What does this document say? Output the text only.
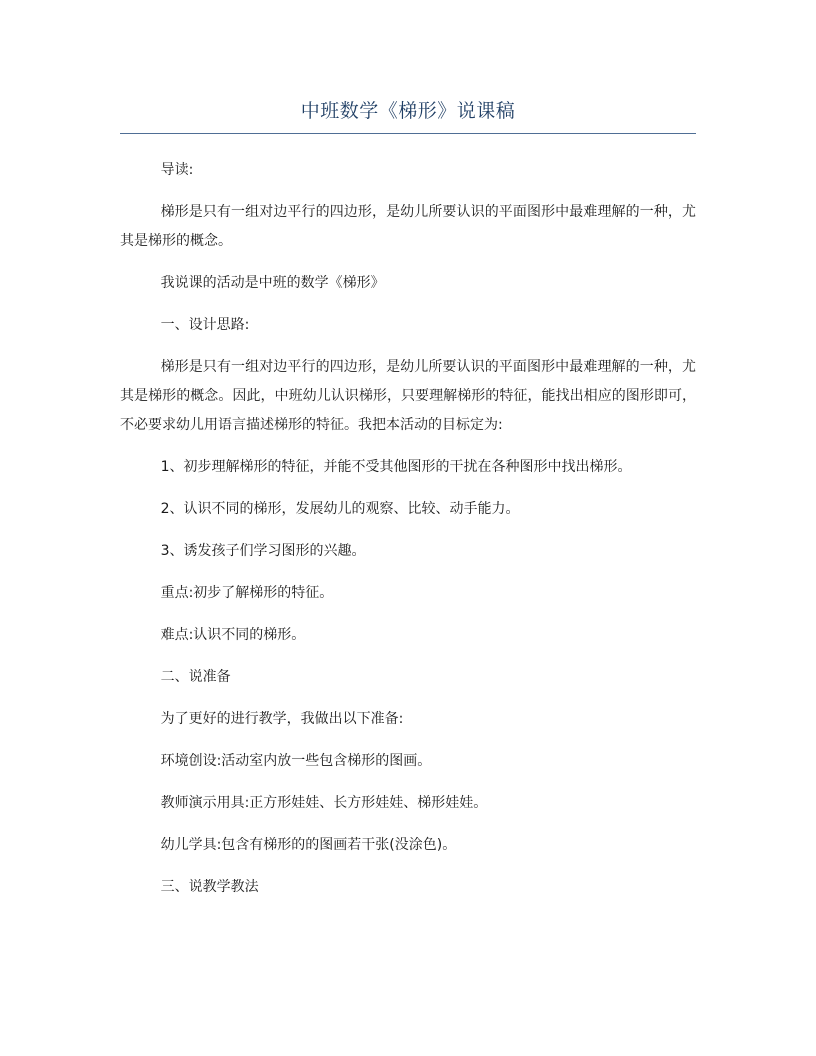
中班数学《梯形》说课稿

导读:

梯形是只有一组对边平行的四边形，是幼儿所要认识的平面图形中最难理解的一种，尤其是梯形的概念。

我说课的活动是中班的数学《梯形》

一、设计思路:

梯形是只有一组对边平行的四边形，是幼儿所要认识的平面图形中最难理解的一种，尤其是梯形的概念。因此，中班幼儿认识梯形，只要理解梯形的特征，能找出相应的图形即可，不必要求幼儿用语言描述梯形的特征。我把本活动的目标定为:

1、初步理解梯形的特征，并能不受其他图形的干扰在各种图形中找出梯形。

2、认识不同的梯形，发展幼儿的观察、比较、动手能力。

3、诱发孩子们学习图形的兴趣。

重点:初步了解梯形的特征。

难点:认识不同的梯形。

二、说准备

为了更好的进行教学，我做出以下准备:

环境创设:活动室内放一些包含梯形的图画。

教师演示用具:正方形娃娃、长方形娃娃、梯形娃娃。

幼儿学具:包含有梯形的的图画若干张(没涂色)。

三、说教学教法
